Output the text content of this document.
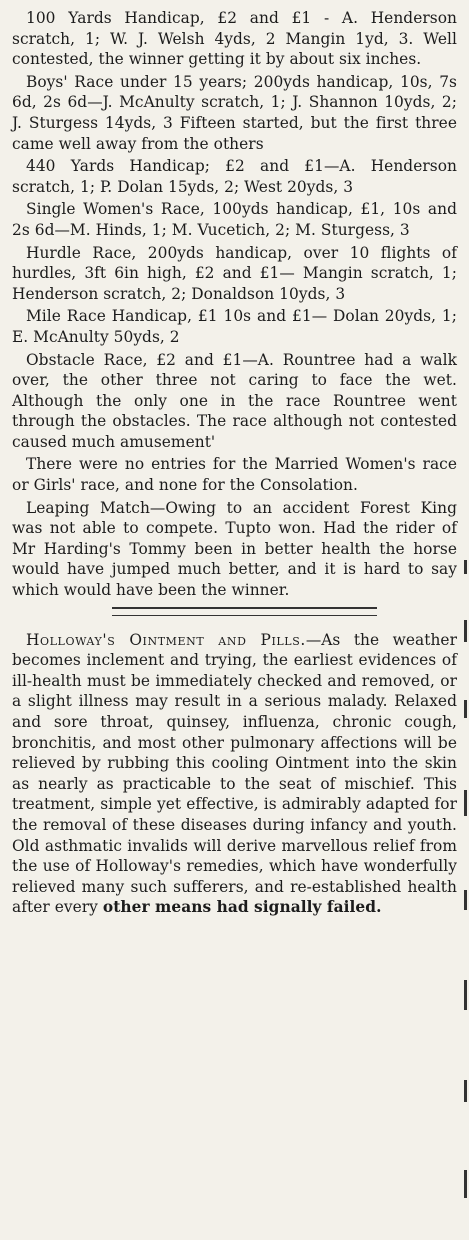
100 Yards Handicap, £2 and £1 - A. Henderson scratch, 1; W. J. Welsh 4yds, 2 Mangin 1yd, 3. Well contested, the winner getting it by about six inches.

Boys' Race under 15 years; 200yds handicap, 10s, 7s 6d, 2s 6d—J. McAnulty scratch, 1; J. Shannon 10yds, 2; J. Sturgess 14yds, 3 Fifteen started, but the first three came well away from the others

440 Yards Handicap; £2 and £1—A. Henderson scratch, 1; P. Dolan 15yds, 2; West 20yds, 3

Single Women's Race, 100yds handicap, £1, 10s and 2s 6d—M. Hinds, 1; M. Vucetich, 2; M. Sturgess, 3

Hurdle Race, 200yds handicap, over 10 flights of hurdles, 3ft 6in high, £2 and £1— Mangin scratch, 1; Henderson scratch, 2; Donaldson 10yds, 3

Mile Race Handicap, £1 10s and £1— Dolan 20yds, 1; E. McAnulty 50yds, 2

Obstacle Race, £2 and £1—A. Rountree had a walk over, the other three not caring to face the wet. Although the only one in the race Rountree went through the obstacles. The race although not contested caused much amusement'

There were no entries for the Married Women's race or Girls' race, and none for the Consolation.

Leaping Match—Owing to an accident Forest King was not able to compete. Tupto won. Had the rider of Mr Harding's Tommy been in better health the horse would have jumped much better, and it is hard to say which would have been the winner.

Holloway's Ointment and Pills.—As the weather becomes inclement and trying, the earliest evidences of ill-health must be immediately checked and removed, or a slight illness may result in a serious malady. Relaxed and sore throat, quinsey, influenza, chronic cough, bronchitis, and most other pulmonary affections will be relieved by rubbing this cooling Ointment into the skin as nearly as practicable to the seat of mischief. This treatment, simple yet effective, is admirably adapted for the removal of these diseases during infancy and youth. Old asthmatic invalids will derive marvellous relief from the use of Holloway's remedies, which have wonderfully relieved many such sufferers, and re-established health after every other means had signally failed.
